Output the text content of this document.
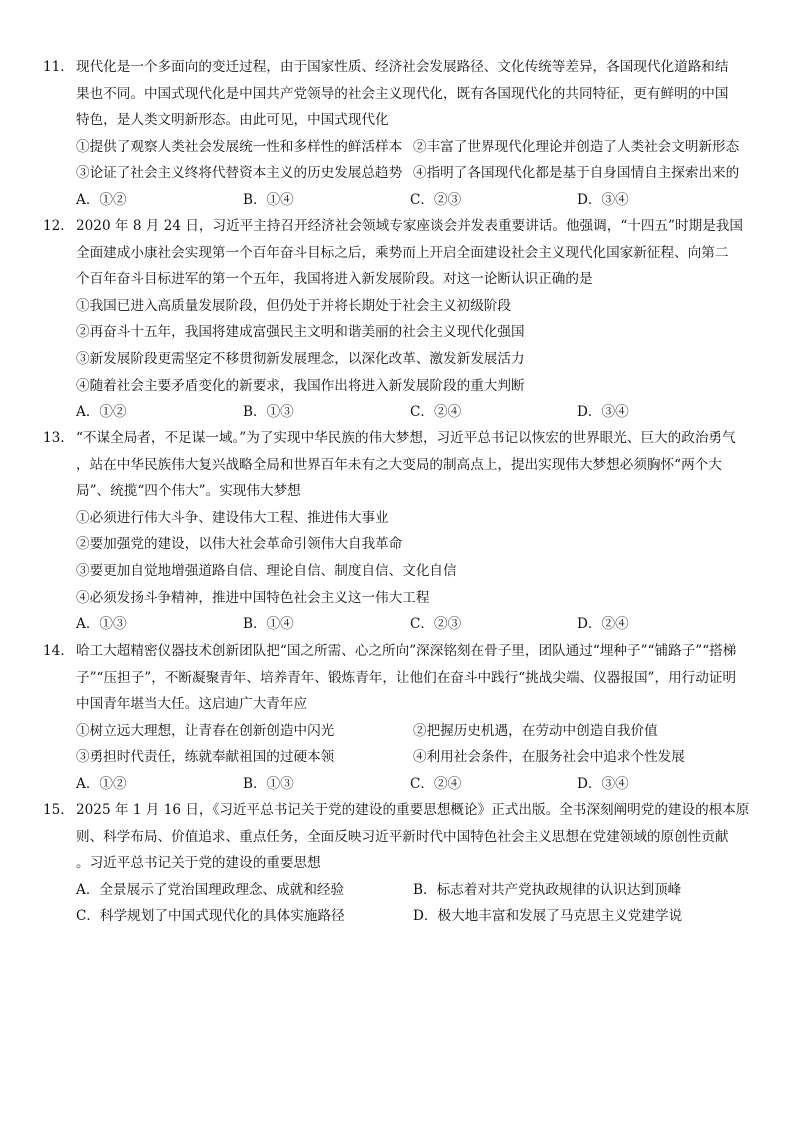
11. 现代化是一个多面向的变迁过程，由于国家性质、经济社会发展路径、文化传统等差异，各国现代化道路和结
果也不同。中国式现代化是中国共产党领导的社会主义现代化，既有各国现代化的共同特征，更有鲜明的中国
特色，是人类文明新形态。由此可见，中国式现代化
①提供了观察人类社会发展统一性和多样性的鲜活样本 ②丰富了世界现代化理论并创造了人类社会文明新形态
③论证了社会主义终将代替资本主义的历史发展总趋势 ④指明了各国现代化都是基于自身国情自主探索出来的
A．①②	B．①④	C．②③	D．③④
12. 2020 年 8 月 24 日，习近平主持召开经济社会领域专家座谈会并发表重要讲话。他强调，“十四五”时期是我国
全面建成小康社会实现第一个百年奋斗目标之后，乘势而上开启全面建设社会主义现代化国家新征程、向第二
个百年奋斗目标进军的第一个五年，我国将进入新发展阶段。对这一论断认识正确的是
①我国已进入高质量发展阶段，但仍处于并将长期处于社会主义初级阶段
②再奋斗十五年，我国将建成富强民主文明和谐美丽的社会主义现代化强国
③新发展阶段更需坚定不移贯彻新发展理念，以深化改革、激发新发展活力
④随着社会主要矛盾变化的新要求，我国作出将进入新发展阶段的重大判断
A．①②	B．①③	C．②④	D．③④
13. “不谋全局者，不足谋一域。”为了实现中华民族的伟大梦想，习近平总书记以恢宏的世界眼光、巨大的政治勇气
，站在中华民族伟大复兴战略全局和世界百年未有之大变局的制高点上，提出实现伟大梦想必须胸怀“两个大
局”、统揽“四个伟大”。实现伟大梦想
①必须进行伟大斗争、建设伟大工程、推进伟大事业
②要加强党的建设，以伟大社会革命引领伟大自我革命
③要更加自觉地增强道路自信、理论自信、制度自信、文化自信
④必须发扬斗争精神，推进中国特色社会主义这一伟大工程
A．①③	B．①④	C．②③	D．②④
14. 哈工大超精密仪器技术创新团队把“国之所需、心之所向”深深铭刻在骨子里，团队通过“埋种子”“铺路子”“搭梯
子”“压担子”，不断凝聚青年、培养青年、锻炼青年，让他们在奋斗中践行“挑战尖端、仪器报国”，用行动证明
中国青年堪当大任。这启迪广大青年应
①树立远大理想，让青春在创新创造中闪光	②把握历史机遇，在劳动中创造自我价值
③勇担时代责任，练就奉献祖国的过硬本领	④利用社会条件，在服务社会中追求个性发展
A．①②	B．①③	C．②④	D．③④
15. 2025 年 1 月 16 日，《习近平总书记关于党的建设的重要思想概论》正式出版。全书深刻阐明党的建设的根本原
则、科学布局、价值追求、重点任务，全面反映习近平新时代中国特色社会主义思想在党建领域的原创性贡献
。习近平总书记关于党的建设的重要思想
A．全景展示了党治国理政理念、成就和经验	B．标志着对共产党执政规律的认识达到顶峰
C．科学规划了中国式现代化的具体实施路径	D．极大地丰富和发展了马克思主义党建学说
